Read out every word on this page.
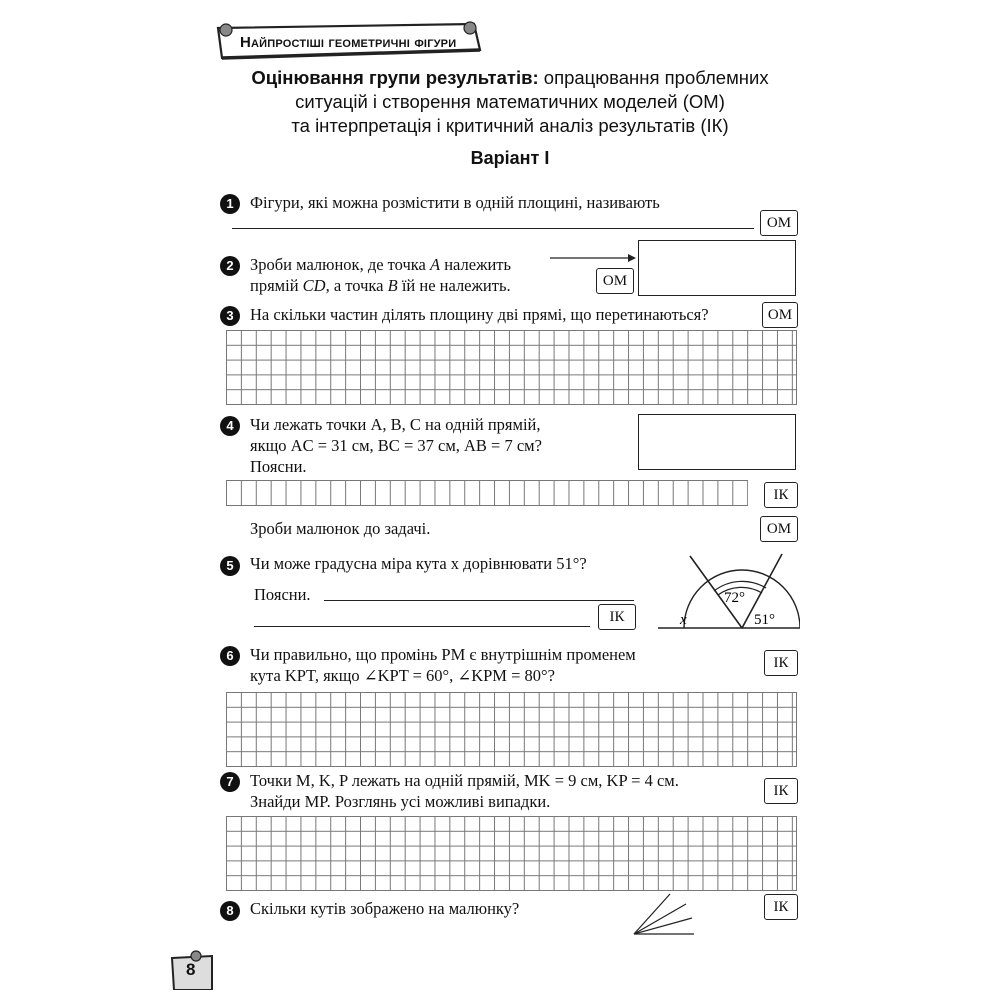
Найпростіші геометричні фігури
Оцінювання групи результатів: опрацювання проблемних
ситуацій і створення математичних моделей (ОМ)
та інтерпретація і критичний аналіз результатів (ІК)
Варіант І
1 Фігури, які можна розмістити в одній площині, називають
ОМ
2 Зроби малюнок, де точка A належить
прямій CD, а точка B їй не належить.	ОМ
3 На скільки частин ділять площину дві прямі, що перетинаються?	ОМ
4 Чи лежать точки A, B, C на одній прямій,
якщо AC = 31 см, BC = 37 см, AB = 7 см?
Поясни.
ІК
Зроби малюнок до задачі.	ОМ
5 Чи може градусна міра кута x дорівнювати 51°?
Поясни.
ІК	x
72°
51°
6 Чи правильно, що промінь PM є внутрішнім променем
кута KPT, якщо ∠KPT = 60°, ∠KPM = 80°?
ІК
7 Точки M, K, P лежать на одній прямій, MK = 9 см, KP = 4 см.
Знайди MP. Розглянь усі можливі випадки.
ІК
8 Скільки кутів зображено на малюнку?	ІК
8
